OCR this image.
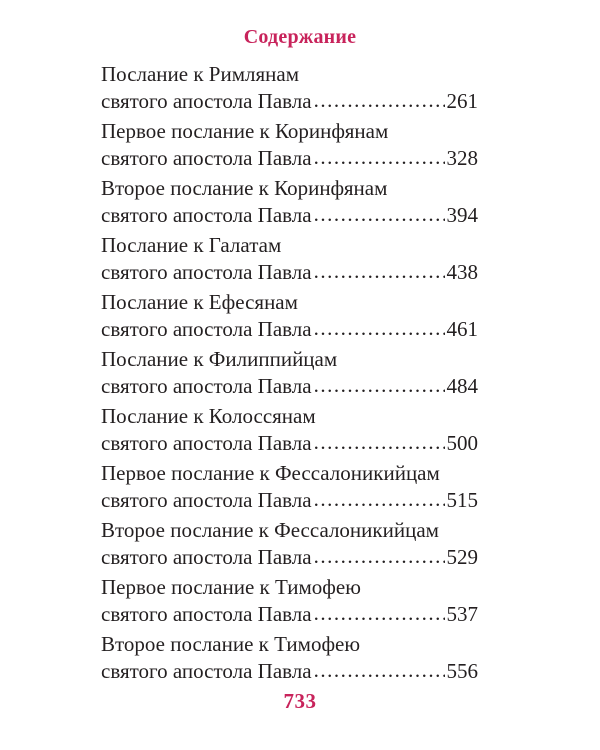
Содержание
Послание к Римлянам
святого апостола Павла .....	261
Первое послание к Коринфянам
святого апостола Павла .....	328
Второе послание к Коринфянам
святого апостола Павла .....	394
Послание к Галатам
святого апостола Павла .....	438
Послание к Ефесянам
святого апостола Павла .....	461
Послание к Филиппийцам
святого апостола Павла .....	484
Послание к Колоссянам
святого апостола Павла .....	500
Первое послание к Фессалоникийцам
святого апостола Павла .....	515
Второе послание к Фессалоникийцам
святого апостола Павла .....	529
Первое послание к Тимофею
святого апостола Павла .....	537
Второе послание к Тимофею
святого апостола Павла .....	556
733
